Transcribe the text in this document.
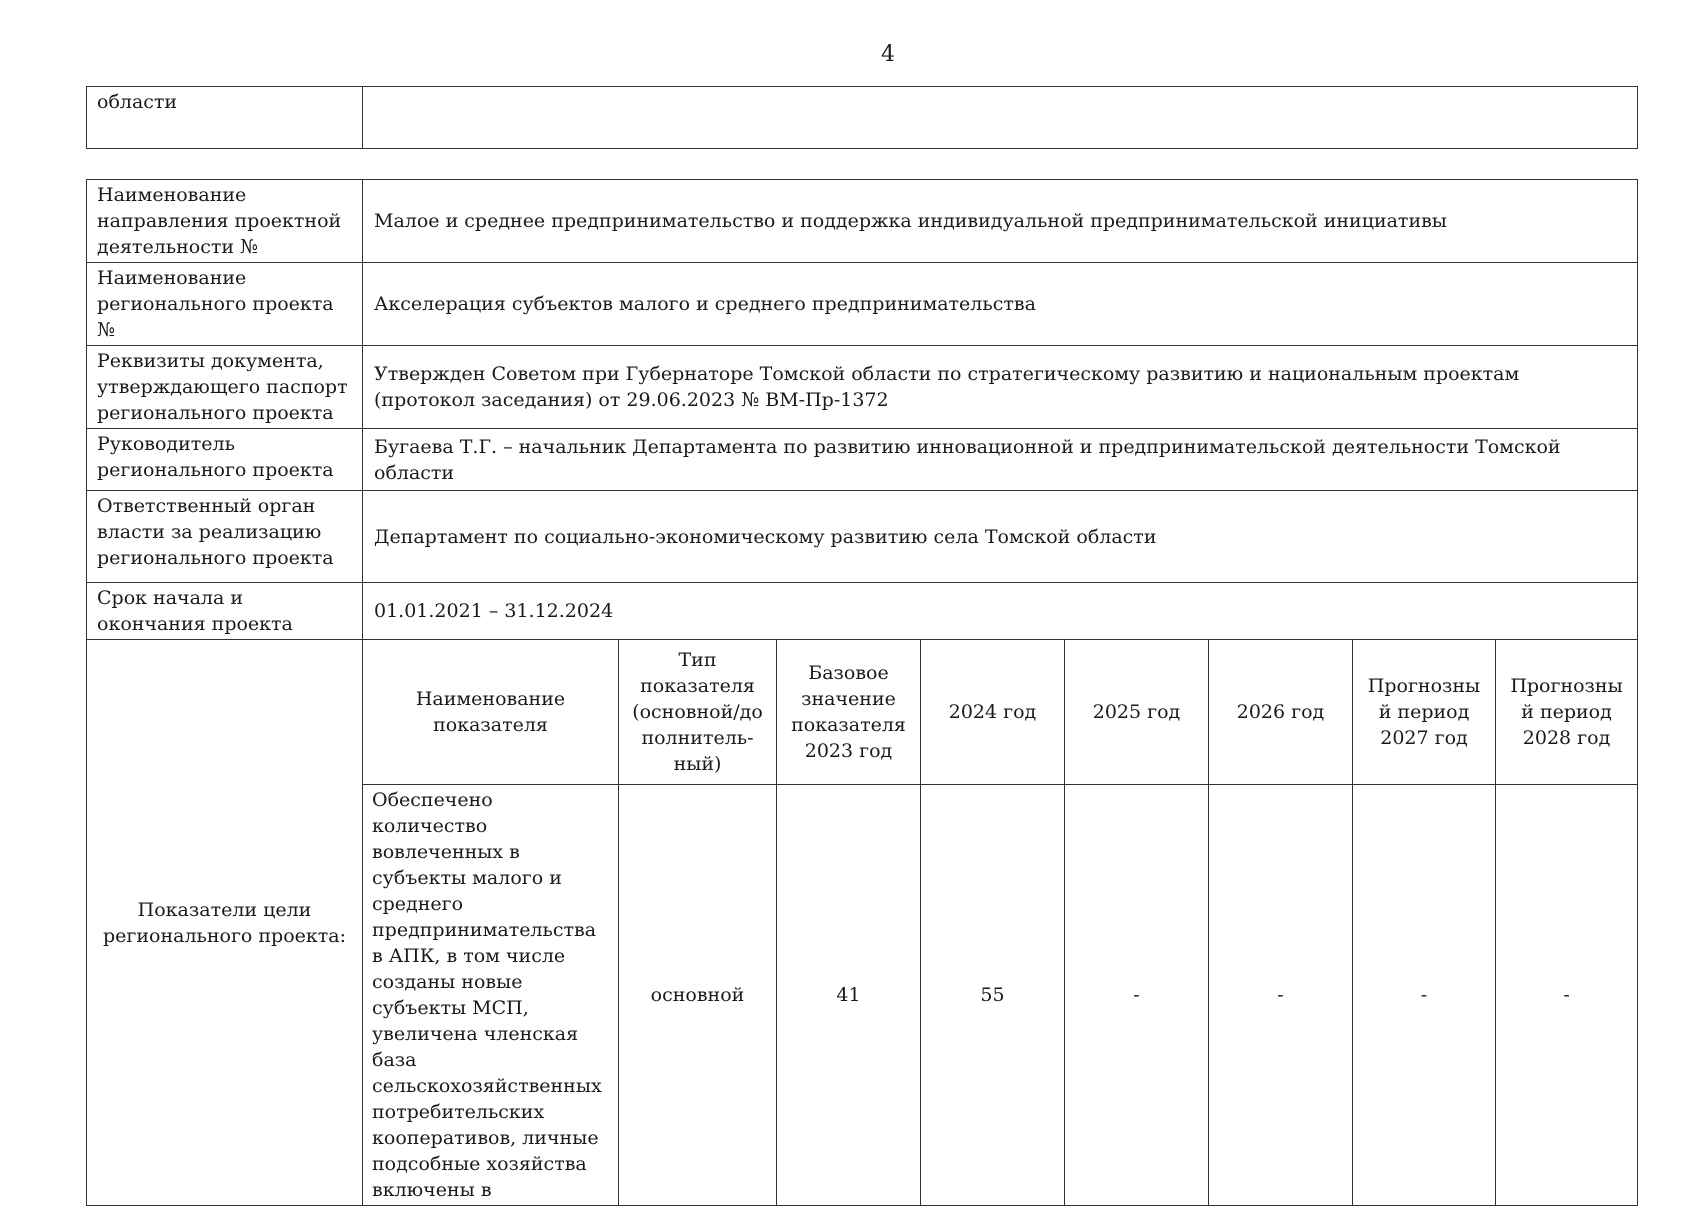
4
области	
Наименование направления проектной деятельности №	Малое и среднее предпринимательство и поддержка индивидуальной предпринимательской инициативы							
Наименование регионального проекта №	Акселерация субъектов малого и среднего предпринимательства							
Реквизиты документа, утверждающего паспорт регионального проекта	Утвержден Советом при Губернаторе Томской области по стратегическому развитию и национальным проектам (протокол заседания) от 29.06.2023 № ВМ-Пр-1372							
Руководитель регионального проекта	Бугаева Т.Г. – начальник Департамента по развитию инновационной и предпринимательской деятельности Томской области							
Ответственный орган власти за реализацию регионального проекта	Департамент по социально-экономическому развитию села Томской области							
Срок начала и окончания проекта	01.01.2021 – 31.12.2024							
Показатели цели регионального проекта:	Наименование показателя	Тип показателя (основной/до полнитель-ный)	Базовое значение показателя 2023 год	2024 год	2025 год	2026 год	Прогнозный период 2027 год	Прогнозный период 2028 год
	Обеспечено количество вовлеченных в субъекты малого и среднего предпринимательства в АПК, в том числе созданы новые субъекты МСП, увеличена членская база сельскохозяйственных потребительских кооперативов, личные подсобные хозяйства включены в	основной	41	55	-	-	-	-
